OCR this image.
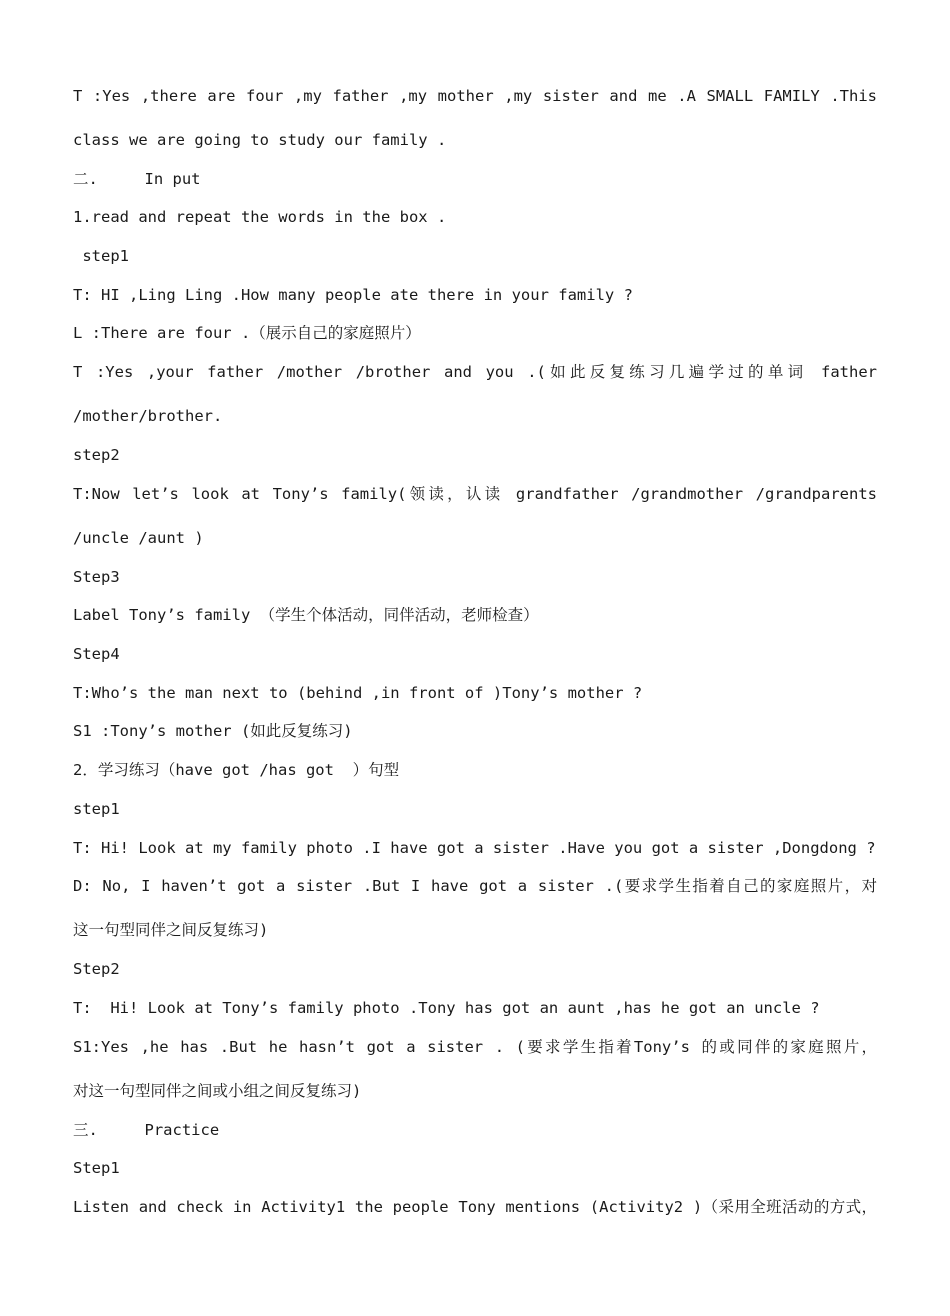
T :Yes ,there are four ,my father ,my mother ,my sister and me .A SMALL FAMILY .This
class we are going to study our family .
二.     In put
1.read and repeat the words in the box .
step1
T: HI ,Ling Ling .How many people ate there in your family ?
L :There are four .（展示自己的家庭照片）
T :Yes ,your father /mother /brother and you .(如此反复练习几遍学过的单词 father
/mother/brother.
step2
T:Now let’s look at Tony’s family(领读，认读 grandfather /grandmother /grandparents
/uncle /aunt )
Step3
Label Tony’s family （学生个体活动，同伴活动，老师检查）
Step4
T:Who’s the man next to (behind ,in front of )Tony’s mother ?
S1 :Tony’s mother (如此反复练习)
2．学习练习（have got /has got  ）句型
step1
T: Hi! Look at my family photo .I have got a sister .Have you got a sister ,Dongdong ?
D: No, I haven’t got a sister .But I have got a sister .(要求学生指着自己的家庭照片，对
这一句型同伴之间反复练习)
Step2
T:  Hi! Look at Tony’s family photo .Tony has got an aunt ,has he got an uncle ?
S1:Yes ,he has .But he hasn’t got a sister . (要求学生指着Tony’s 的或同伴的家庭照片，
对这一句型同伴之间或小组之间反复练习)
三.     Practice
Step1
Listen and check in Activity1 the people Tony mentions (Activity2 )（采用全班活动的方式，
